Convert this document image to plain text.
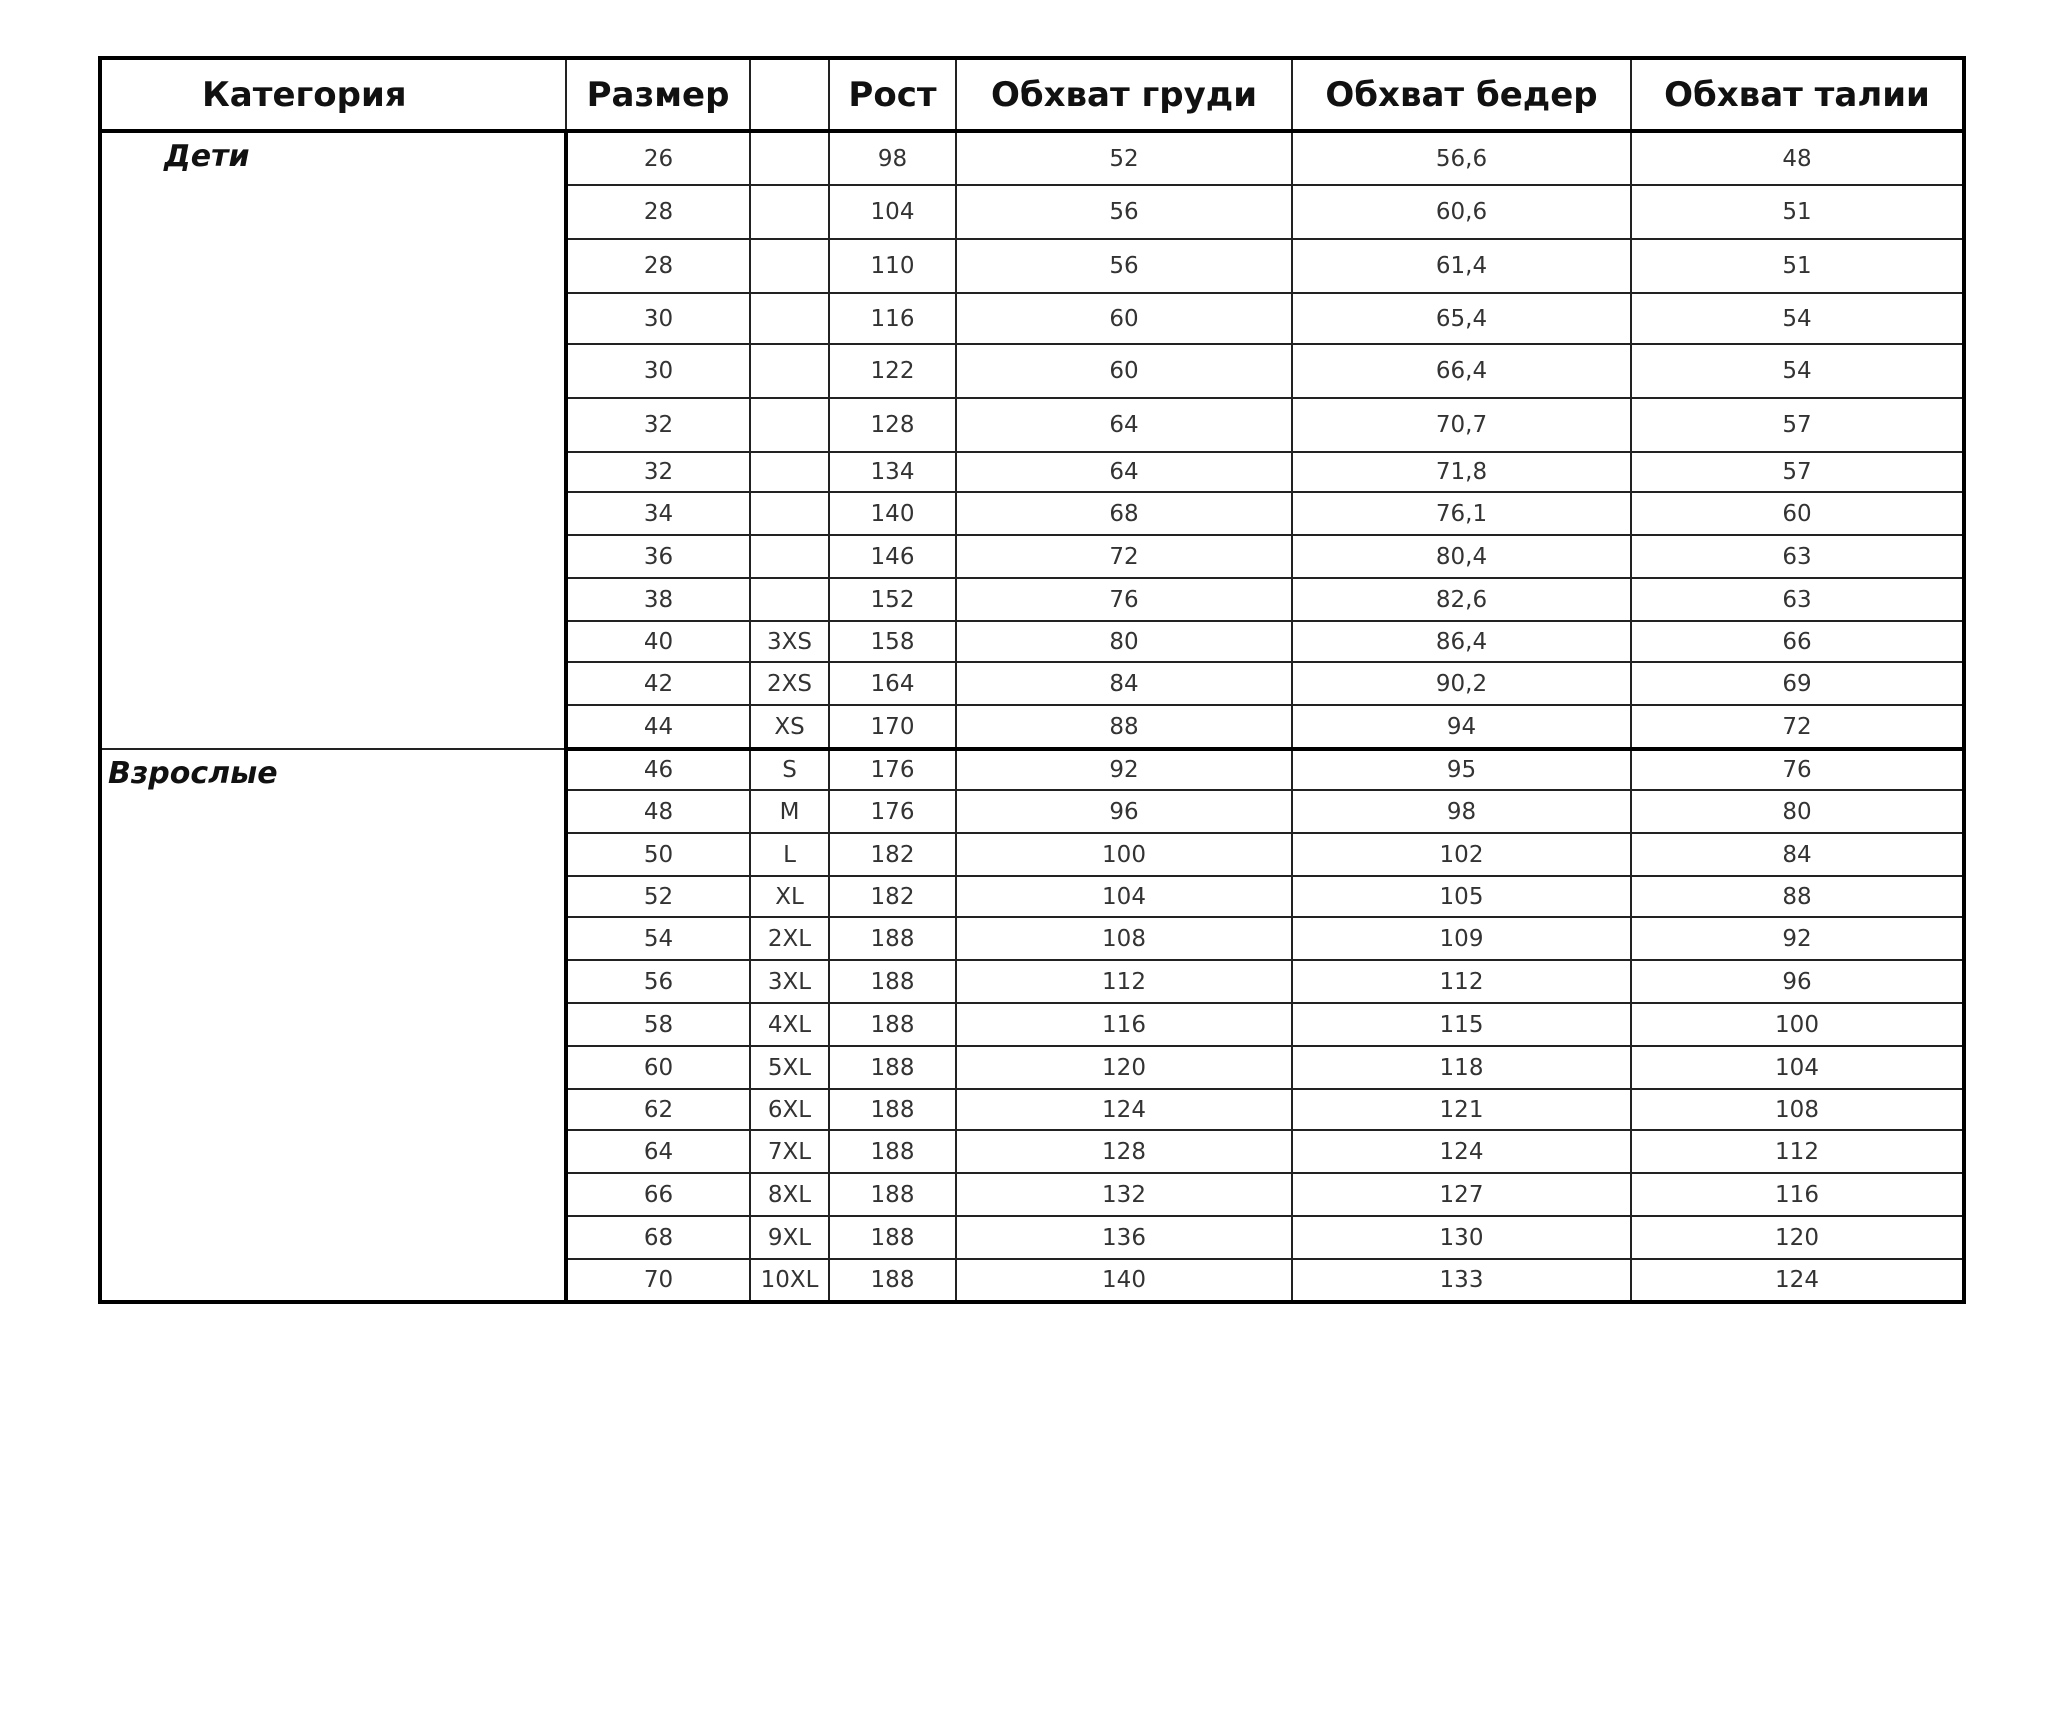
Категория	Размер		Рост	Обхват груди	Обхват бедер	Обхват талии
Дети	26		98	52	56,6	48
	28		104	56	60,6	51
	28		110	56	61,4	51
	30		116	60	65,4	54
	30		122	60	66,4	54
	32		128	64	70,7	57
	32		134	64	71,8	57
	34		140	68	76,1	60
	36		146	72	80,4	63
	38		152	76	82,6	63
	40	3XS	158	80	86,4	66
	42	2XS	164	84	90,2	69
	44	XS	170	88	94	72
Взрослые	46	S	176	92	95	76
	48	M	176	96	98	80
	50	L	182	100	102	84
	52	XL	182	104	105	88
	54	2XL	188	108	109	92
	56	3XL	188	112	112	96
	58	4XL	188	116	115	100
	60	5XL	188	120	118	104
	62	6XL	188	124	121	108
	64	7XL	188	128	124	112
	66	8XL	188	132	127	116
	68	9XL	188	136	130	120
	70	10XL	188	140	133	124
